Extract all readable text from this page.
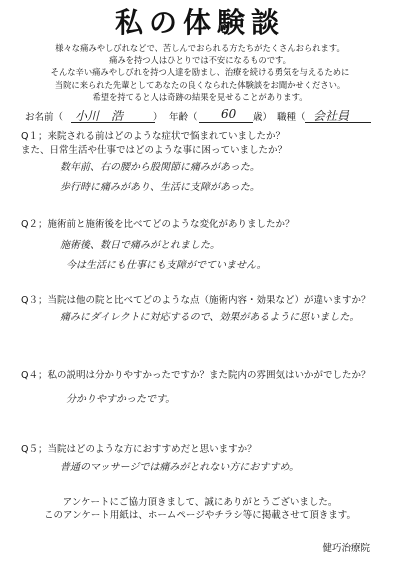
私の体験談
様々な痛みやしびれなどで、苦しんでおられる方たちがたくさんおられます。
痛みを持つ人はひとりでは不安になるものです。
そんな辛い痛みやしびれを持つ人達を励まし、治療を続ける勇気を与えるために
当院に来られた先輩としてあなたの良くなられた体験談をお聞かせください。
希望を持てると人は奇跡の結果を見せることがあります。
お名前（ 小川　浩	） 年齢（ 60 歳） 職種（ 会社員
Q１；来院される前はどのような症状で悩まれていましたか？
また、日常生活や仕事ではどのような事に困っていましたか？
数年前、右の腰から股関節に痛みがあった。
歩行時に痛みがあり、生活に支障があった。
Q２；施術前と施術後を比べてどのような変化がありましたか？
施術後、数日で痛みがとれました。
今は生活にも仕事にも支障がでていません。
Q３；当院は他の院と比べてどのような点（施術内容・効果など）が違いますか？
痛みにダイレクトに対応するので、効果があるように思いました。
Q４；私の説明は分かりやすかったですか？また院内の雰囲気はいかがでしたか？
分かりやすかったです。
Q５；当院はどのような方におすすめだと思いますか？
普通のマッサージでは痛みがとれない方におすすめ。
アンケートにご協力頂きまして、誠にありがとうございました。
このアンケート用紙は、ホームページやチラシ等に掲載させて頂きます。
健巧治療院
